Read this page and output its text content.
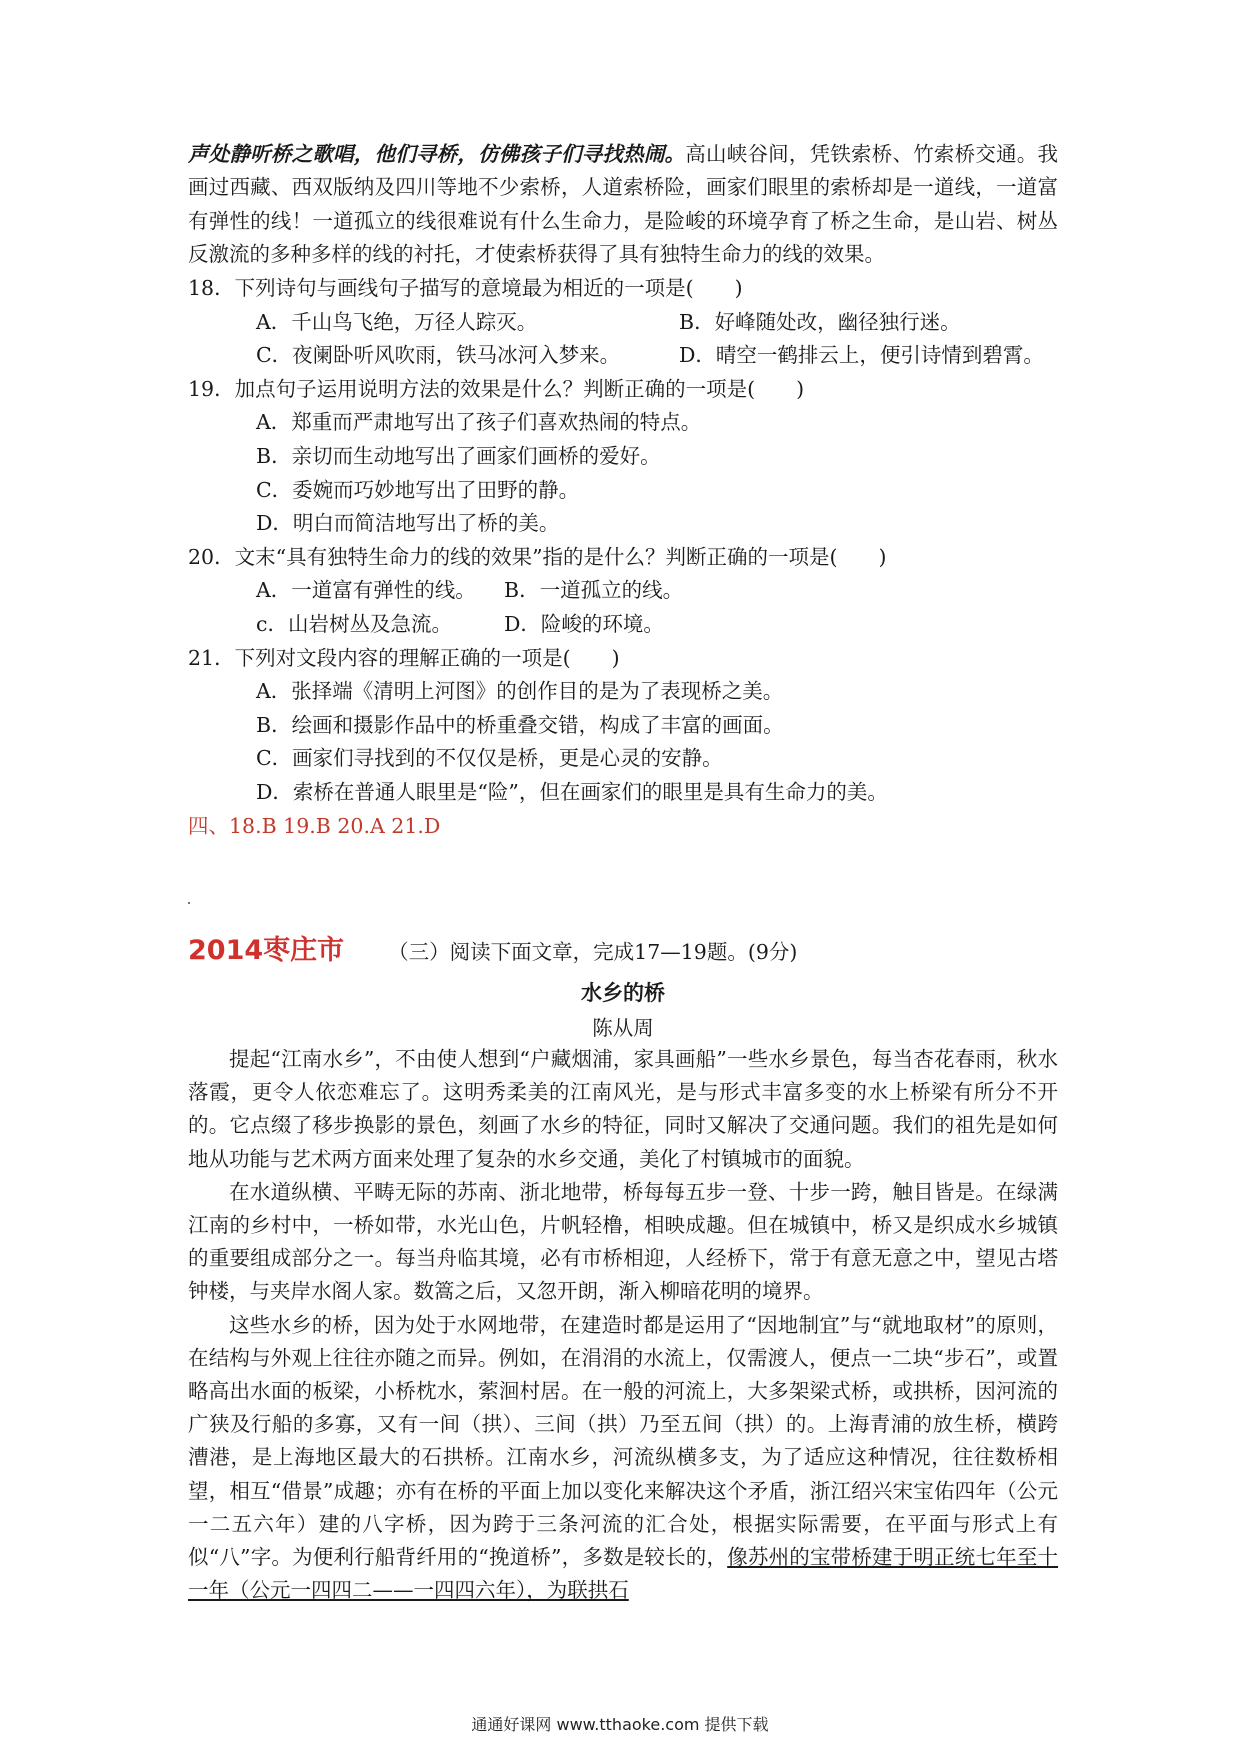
声处静听桥之歌唱，他们寻桥，仿佛孩子们寻找热闹。高山峡谷间，凭铁索桥、竹索桥交通。我画过西藏、西双版纳及四川等地不少索桥，人道索桥险，画家们眼里的索桥却是一道线，一道富有弹性的线！一道孤立的线很难说有什么生命力，是险峻的环境孕育了桥之生命，是山岩、树丛反激流的多种多样的线的衬托，才使索桥获得了具有独特生命力的线的效果。

18．下列诗句与画线句子描写的意境最为相近的一项是(　　)

A．千山鸟飞绝，万径人踪灭。	B．好峰随处改，幽径独行迷。
C．夜阑卧听风吹雨，铁马冰河入梦来。	D．晴空一鹤排云上，便引诗情到碧霄。

19．加点句子运用说明方法的效果是什么？判断正确的一项是(　　)

A．郑重而严肃地写出了孩子们喜欢热闹的特点。

B．亲切而生动地写出了画家们画桥的爱好。

C．委婉而巧妙地写出了田野的静。

D．明白而简洁地写出了桥的美。

20．文末“具有独特生命力的线的效果”指的是什么？判断正确的一项是(　　)

A．一道富有弹性的线。	B．一道孤立的线。
c．山岩树丛及急流。	D．险峻的环境。

21．下列对文段内容的理解正确的一项是(　　)

A．张择端《清明上河图》的创作目的是为了表现桥之美。

B．绘画和摄影作品中的桥重叠交错，构成了丰富的画面。

C．画家们寻找到的不仅仅是桥，更是心灵的安静。

D．索桥在普通人眼里是“险”，但在画家们的眼里是具有生命力的美。

四、18.B 19.B 20.A 21.D

2014枣庄市 （三）阅读下面文章，完成17—19题。(9分)
水乡的桥
陈从周

提起“江南水乡”，不由使人想到“户藏烟浦，家具画船”一些水乡景色，每当杏花春雨，秋水落霞，更令人依恋难忘了。这明秀柔美的江南风光，是与形式丰富多变的水上桥梁有所分不开的。它点缀了移步换影的景色，刻画了水乡的特征，同时又解决了交通问题。我们的祖先是如何地从功能与艺术两方面来处理了复杂的水乡交通，美化了村镇城市的面貌。

在水道纵横、平畴无际的苏南、浙北地带，桥每每五步一登、十步一跨，触目皆是。在绿满江南的乡村中，一桥如带，水光山色，片帆轻橹，相映成趣。但在城镇中，桥又是织成水乡城镇的重要组成部分之一。每当舟临其境，必有市桥相迎，人经桥下，常于有意无意之中，望见古塔钟楼，与夹岸水阁人家。数篙之后，又忽开朗，渐入柳暗花明的境界。

这些水乡的桥，因为处于水网地带，在建造时都是运用了“因地制宜”与“就地取材”的原则，在结构与外观上往往亦随之而异。例如，在涓涓的水流上，仅需渡人，便点一二块“步石”，或置略高出水面的板梁，小桥枕水，萦洄村居。在一般的河流上，大多架梁式桥，或拱桥，因河流的广狭及行船的多寡，又有一间（拱）、三间（拱）乃至五间（拱）的。上海青浦的放生桥，横跨漕港，是上海地区最大的石拱桥。江南水乡，河流纵横多支，为了适应这种情况，往往数桥相望，相互“借景”成趣；亦有在桥的平面上加以变化来解决这个矛盾，浙江绍兴宋宝佑四年（公元一二五六年）建的八字桥，因为跨于三条河流的汇合处，根据实际需要，在平面与形式上有似“八”字。为便利行船背纤用的“挽道桥”，多数是较长的，像苏州的宝带桥建于明正统七年至十一年（公元一四四二——一四四六年），为联拱石

通通好课网 www.tthaoke.com 提供下载
